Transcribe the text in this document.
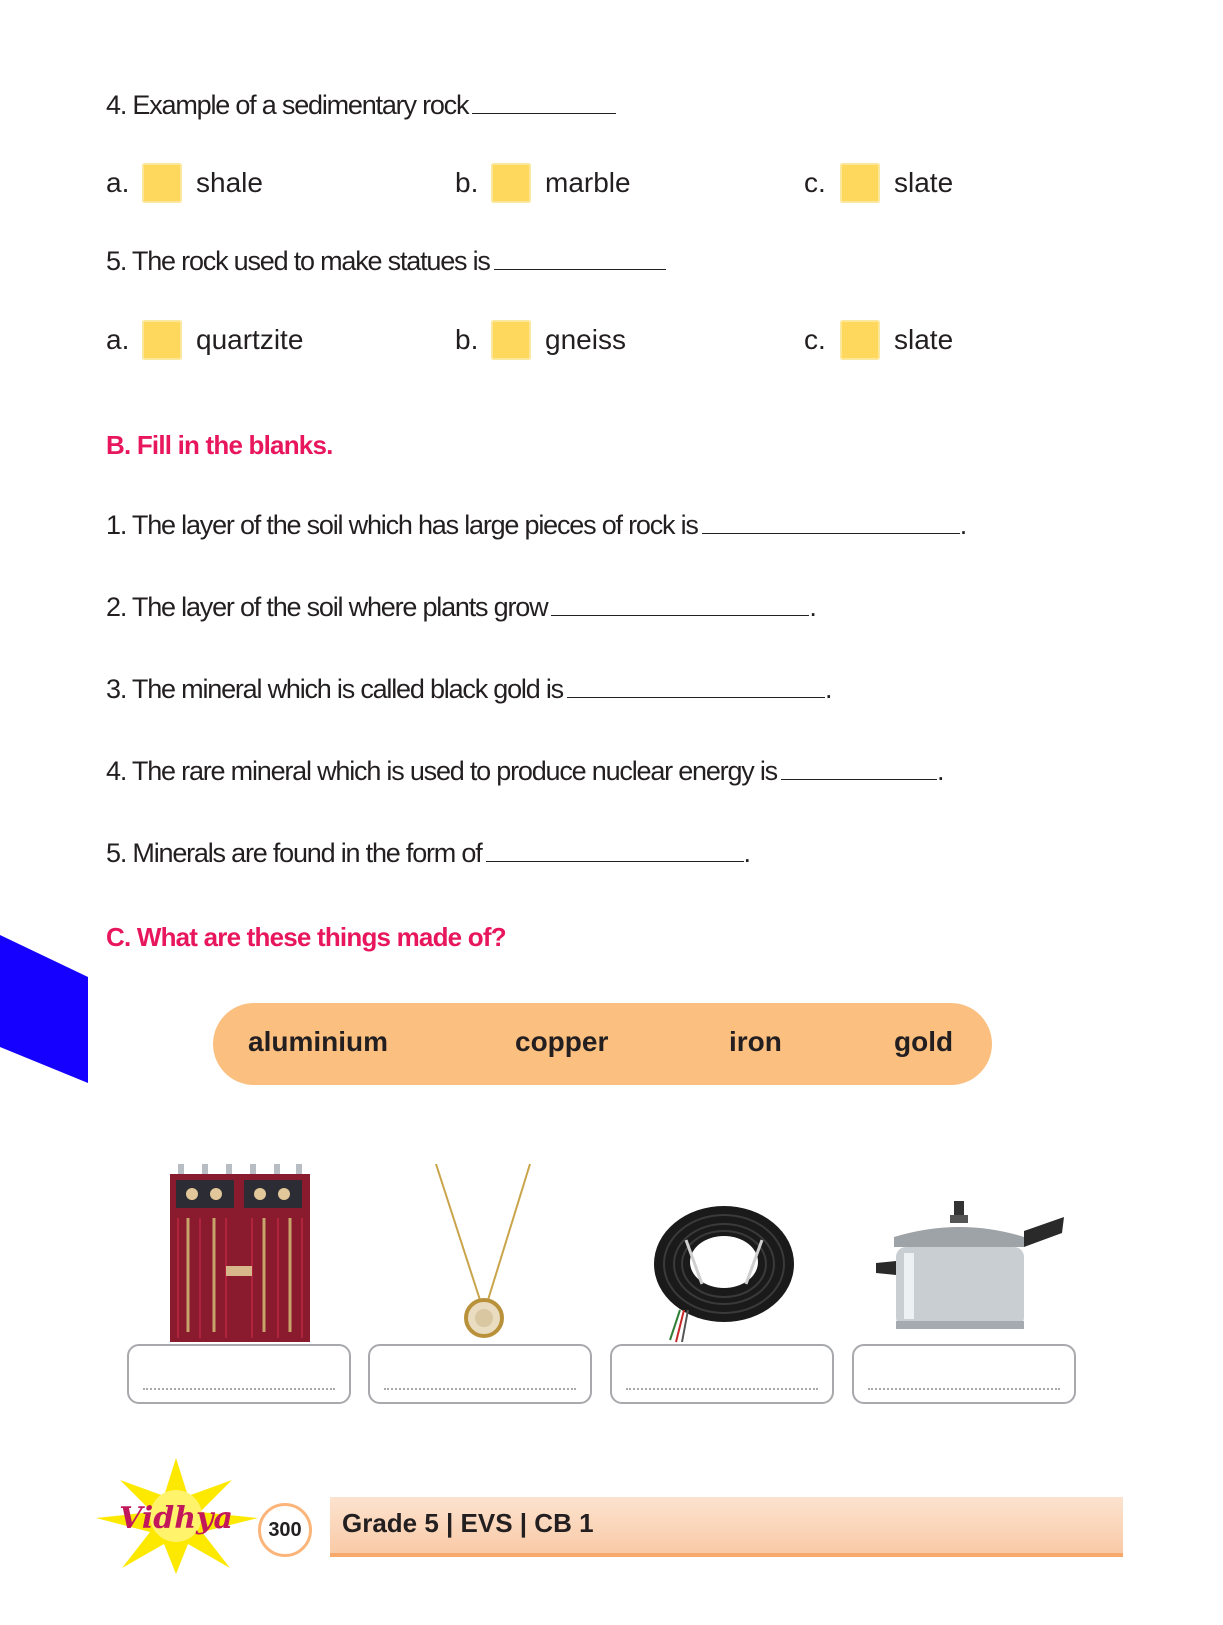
4. Example of a sedimentary rock
a.	shale	b.	marble	c.	slate
5. The rock used to make statues is
a.	quartzite	b.	gneiss	c.	slate
B. Fill in the blanks.
1. The layer of the soil which has large pieces of rock is	.
2. The layer of the soil where plants grow	.
3. The mineral which is called black gold is	.
4. The rare mineral which is used to produce nuclear energy is	.
5. Minerals are found in the form of	.
C. What are these things made of?
aluminium	copper	iron	gold
Vidhya	300	Grade 5 | EVS | CB 1
